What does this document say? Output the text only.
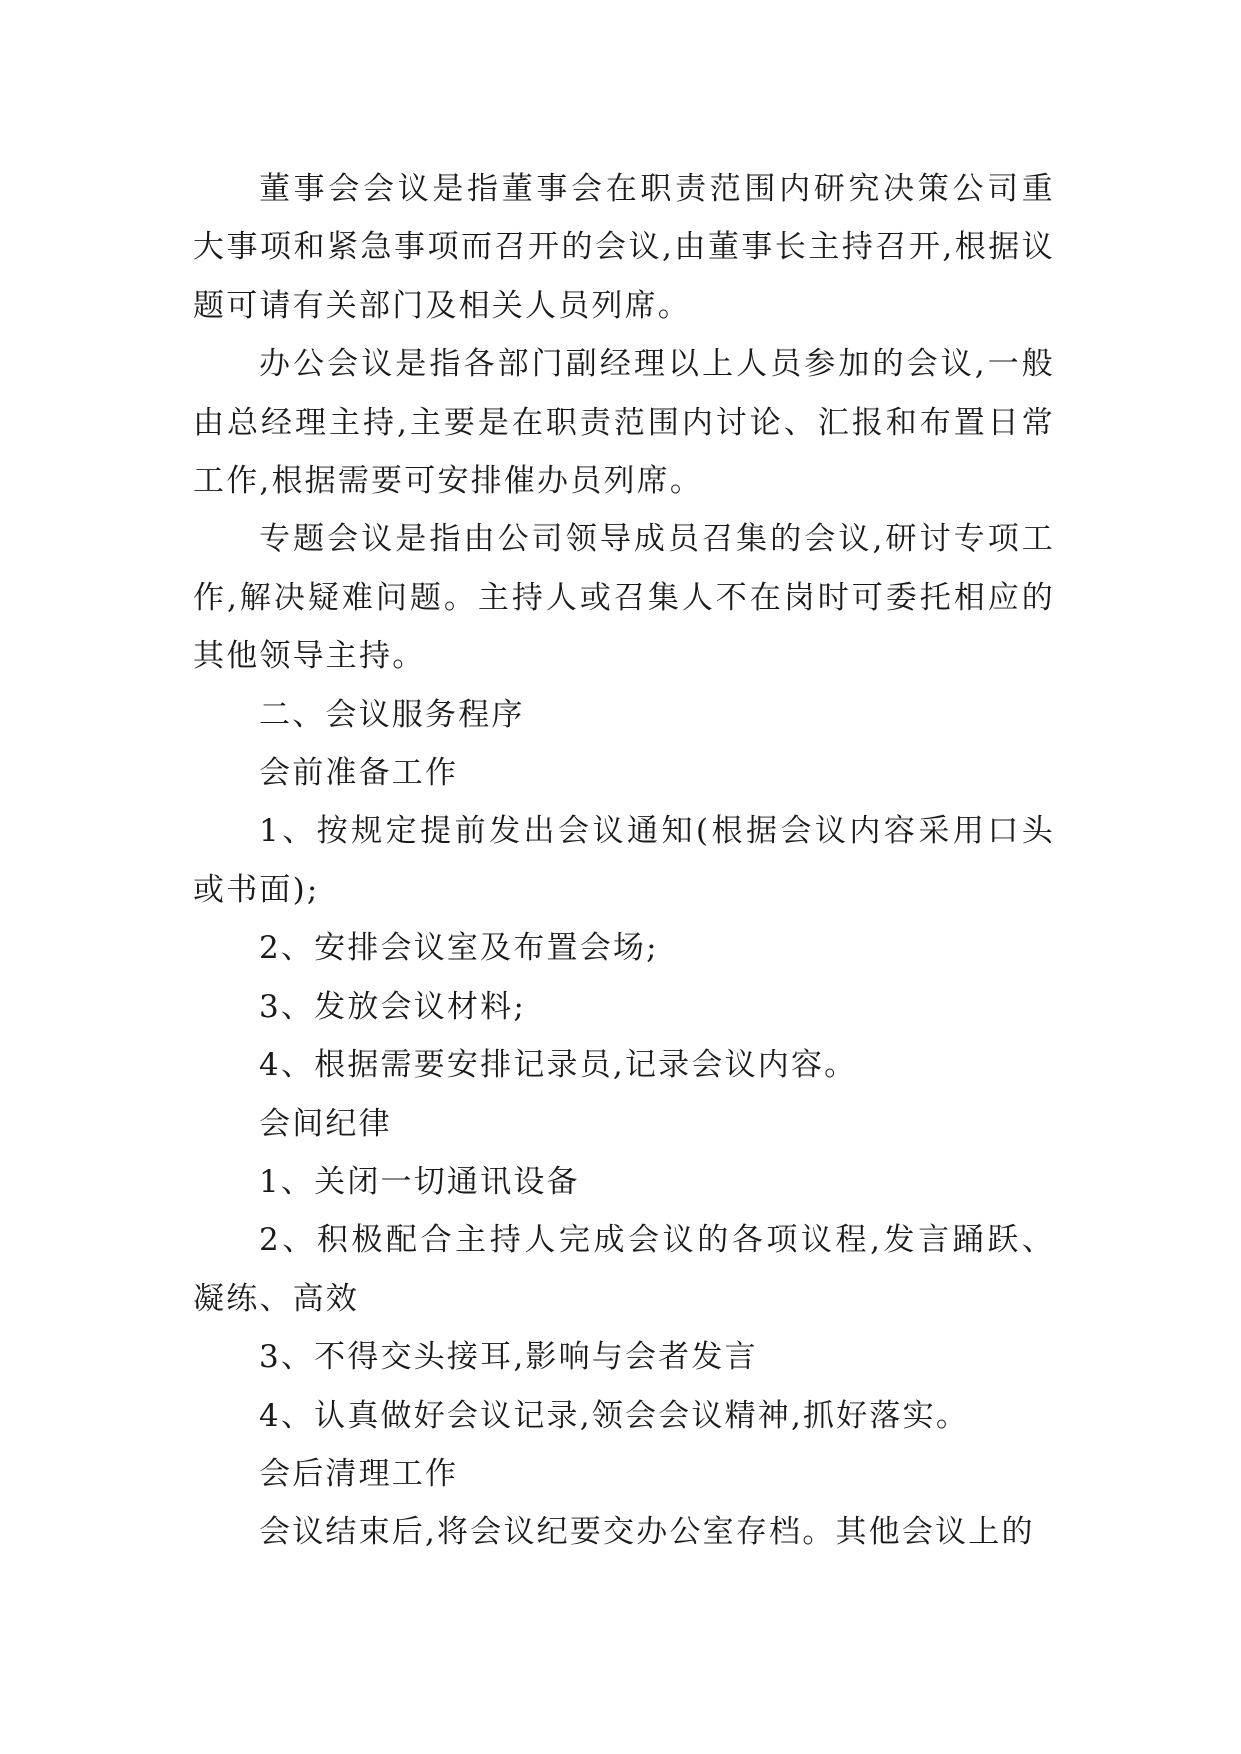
董事会会议是指董事会在职责范围内研究决策公司重大事项和紧急事项而召开的会议,由董事长主持召开,根据议题可请有关部门及相关人员列席。

办公会议是指各部门副经理以上人员参加的会议,一般由总经理主持,主要是在职责范围内讨论、汇报和布置日常工作,根据需要可安排催办员列席。

专题会议是指由公司领导成员召集的会议,研讨专项工作,解决疑难问题。主持人或召集人不在岗时可委托相应的其他领导主持。

二、会议服务程序

会前准备工作

1、按规定提前发出会议通知(根据会议内容采用口头或书面);

2、安排会议室及布置会场;

3、发放会议材料;

4、根据需要安排记录员,记录会议内容。

会间纪律

1、关闭一切通讯设备

2、积极配合主持人完成会议的各项议程,发言踊跃、凝练、高效

3、不得交头接耳,影响与会者发言

4、认真做好会议记录,领会会议精神,抓好落实。

会后清理工作

会议结束后,将会议纪要交办公室存档。其他会议上的
